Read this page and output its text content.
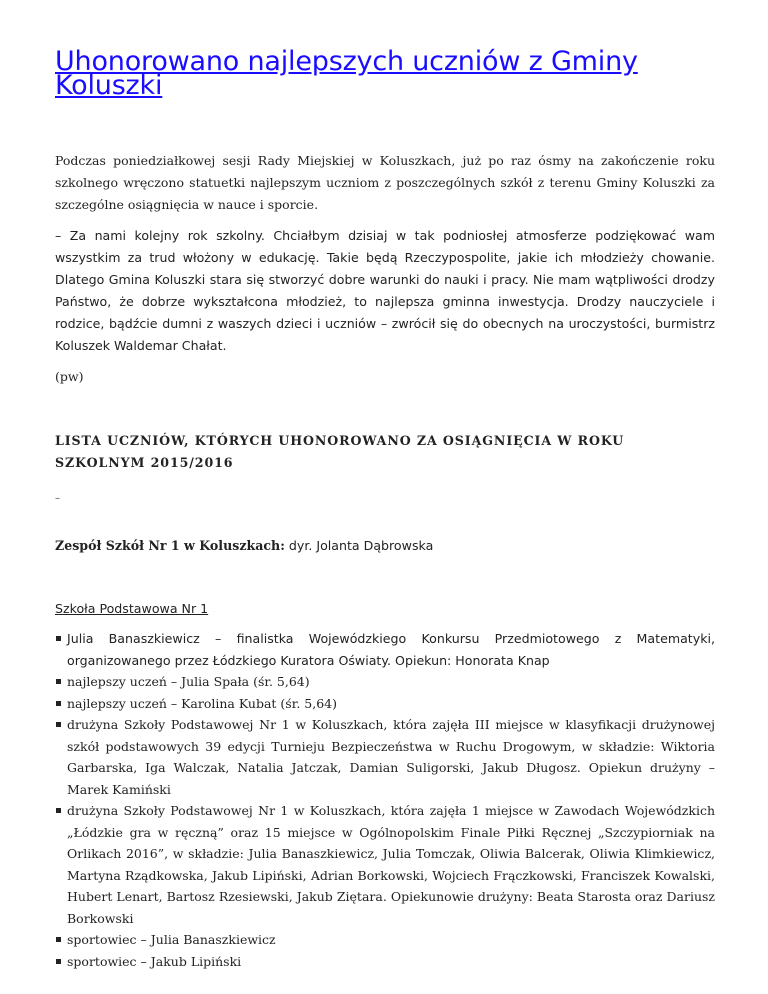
Uhonorowano najlepszych uczniów z Gminy Koluszki

Podczas poniedziałkowej sesji Rady Miejskiej w Koluszkach, już po raz ósmy na zakończenie roku szkolnego wręczono statuetki najlepszym uczniom z poszczególnych szkół z terenu Gminy Koluszki za szczególne osiągnięcia w nauce i sporcie.

– Za nami kolejny rok szkolny. Chciałbym dzisiaj w tak podniosłej atmosferze podziękować wam wszystkim za trud włożony w edukację. Takie będą Rzeczypospolite, jakie ich młodzieży chowanie. Dlatego Gmina Koluszki stara się stworzyć dobre warunki do nauki i pracy. Nie mam wątpliwości drodzy Państwo, że dobrze wykształcona młodzież, to najlepsza gminna inwestycja. Drodzy nauczyciele i rodzice, bądźcie dumni z waszych dzieci i uczniów – zwrócił się do obecnych na uroczystości, burmistrz Koluszek Waldemar Chałat.

(pw)

LISTA UCZNIÓW, KTÓRYCH UHONOROWANO ZA OSIĄGNIĘCIA W ROKU SZKOLNYM 2015/2016

–

Zespół Szkół Nr 1 w Koluszkach: dyr. Jolanta Dąbrowska

Szkoła Podstawowa Nr 1

Julia Banaszkiewicz – finalistka Wojewódzkiego Konkursu Przedmiotowego z Matematyki, organizowanego przez Łódzkiego Kuratora Oświaty. Opiekun: Honorata Knap
najlepszy uczeń – Julia Spała (śr. 5,64)
najlepszy uczeń – Karolina Kubat (śr. 5,64)
drużyna Szkoły Podstawowej Nr 1 w Koluszkach, która zajęła III miejsce w klasyfikacji drużynowej szkół podstawowych 39 edycji Turnieju Bezpieczeństwa w Ruchu Drogowym, w składzie: Wiktoria Garbarska, Iga Walczak, Natalia Jatczak, Damian Suligorski, Jakub Długosz. Opiekun drużyny – Marek Kamiński
drużyna Szkoły Podstawowej Nr 1 w Koluszkach, która zajęła 1 miejsce w Zawodach Wojewódzkich „Łódzkie gra w ręczną” oraz 15 miejsce w Ogólnopolskim Finale Piłki Ręcznej „Szczypiorniak na Orlikach 2016”, w składzie: Julia Banaszkiewicz, Julia Tomczak, Oliwia Balcerak, Oliwia Klimkiewicz, Martyna Rządkowska, Jakub Lipiński, Adrian Borkowski, Wojciech Frączkowski, Franciszek Kowalski, Hubert Lenart, Bartosz Rzesiewski, Jakub Ziętara. Opiekunowie drużyny: Beata Starosta oraz Dariusz Borkowski
sportowiec – Julia Banaszkiewicz
sportowiec – Jakub Lipiński
